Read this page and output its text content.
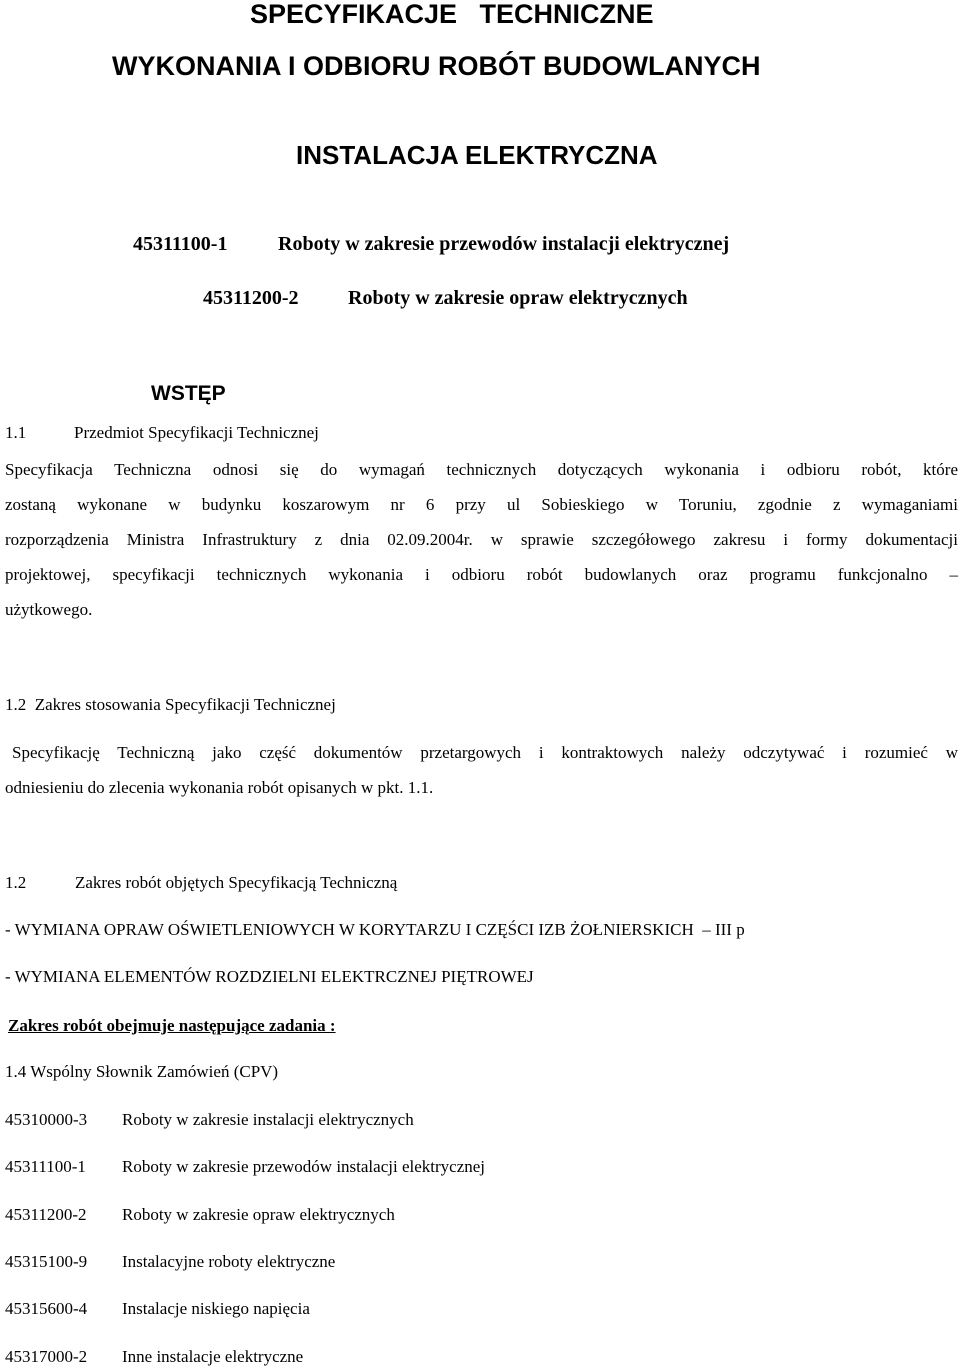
SPECYFIKACJE   TECHNICZNE
WYKONANIA I ODBIORU ROBÓT BUDOWLANYCH
INSTALACJA ELEKTRYCZNA
45311100-1	Roboty w zakresie przewodów instalacji elektrycznej
45311200-2 Roboty w zakresie opraw elektrycznych
WSTĘP
1.1	Przedmiot Specyfikacji Technicznej
Specyfikacja Techniczna odnosi się do wymagań technicznych dotyczących wykonania i odbioru robót, które
zostaną wykonane w budynku koszarowym nr 6 przy ul Sobieskiego w Toruniu, zgodnie z wymaganiami
rozporządzenia Ministra Infrastruktury z dnia 02.09.2004r. w sprawie szczegółowego zakresu i formy dokumentacji
projektowej, specyfikacji technicznych wykonania i odbioru robót budowlanych oraz programu funkcjonalno –
użytkowego.
1.2  Zakres stosowania Specyfikacji Technicznej
Specyfikację Techniczną jako część dokumentów przetargowych i kontraktowych należy odczytywać i rozumieć w
odniesieniu do zlecenia wykonania robót opisanych w pkt. 1.1.
1.2	Zakres robót objętych Specyfikacją Techniczną
- WYMIANA OPRAW OŚWIETLENIOWYCH W KORYTARZU I CZĘŚCI IZB ŻOŁNIERSKICH  – III p
- WYMIANA ELEMENTÓW ROZDZIELNI ELEKTRCZNEJ PIĘTROWEJ
Zakres robót obejmuje następujące zadania :
1.4 Wspólny Słownik Zamówień (CPV)
45310000-3 Roboty w zakresie instalacji elektrycznych
45311100-1 Roboty w zakresie przewodów instalacji elektrycznej
45311200-2 Roboty w zakresie opraw elektrycznych
45315100-9 Instalacyjne roboty elektryczne
45315600-4 Instalacje niskiego napięcia
45317000-2 Inne instalacje elektryczne
